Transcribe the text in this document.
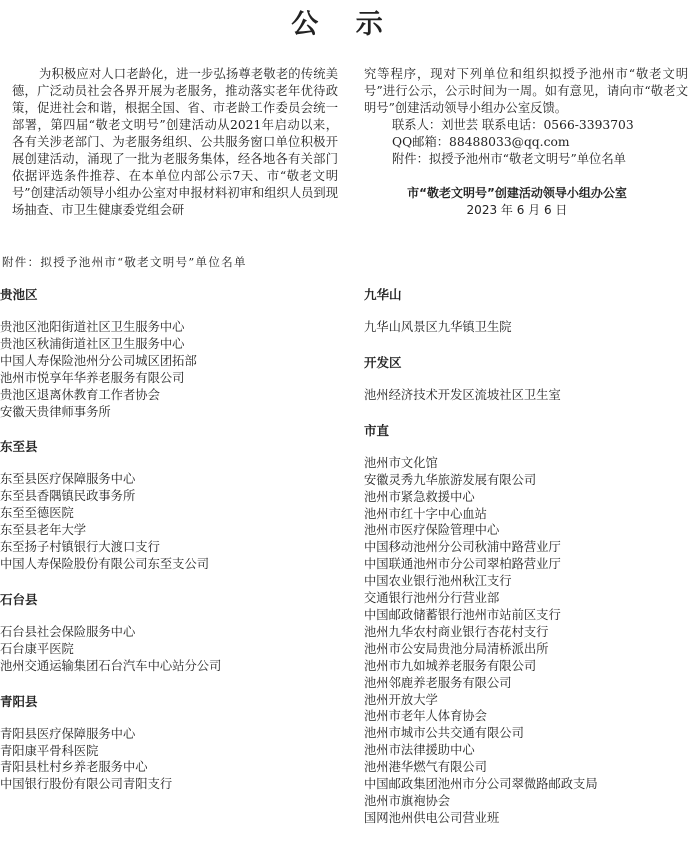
公 示

为积极应对人口老龄化，进一步弘扬尊老敬老的传统美德，广泛动员社会各界开展为老服务，推动落实老年优待政策，促进社会和谐，根据全国、省、市老龄工作委员会统一部署，第四届“敬老文明号”创建活动从2021年启动以来，各有关涉老部门、为老服务组织、公共服务窗口单位积极开展创建活动，涌现了一批为老服务集体，经各地各有关部门依据评选条件推荐、在本单位内部公示7天、市“敬老文明号”创建活动领导小组办公室对申报材料初审和组织人员到现场抽查、市卫生健康委党组会研

究等程序，现对下列单位和组织拟授予池州市“敬老文明号”进行公示，公示时间为一周。如有意见，请向市“敬老文明号”创建活动领导小组办公室反馈。

联系人：刘世芸 联系电话：0566-3393703

QQ邮箱：88488033@qq.com

附件：拟授予池州市“敬老文明号”单位名单

市“敬老文明号”创建活动领导小组办公室

2023 年 6 月 6 日

附件：拟授予池州市“敬老文明号”单位名单

贵池区
贵池区池阳街道社区卫生服务中心
贵池区秋浦街道社区卫生服务中心
中国人寿保险池州分公司城区团拓部
池州市悦享年华养老服务有限公司
贵池区退离休教育工作者协会
安徽天贵律师事务所
东至县
东至县医疗保障服务中心
东至县香隅镇民政事务所
东至至德医院
东至县老年大学
东至扬子村镇银行大渡口支行
中国人寿保险股份有限公司东至支公司
石台县
石台县社会保险服务中心
石台康平医院
池州交通运输集团石台汽车中心站分公司
青阳县
青阳县医疗保障服务中心
青阳康平骨科医院
青阳县杜村乡养老服务中心
中国银行股份有限公司青阳支行
九华山
九华山风景区九华镇卫生院
开发区
池州经济技术开发区流坡社区卫生室
市直
池州市文化馆
安徽灵秀九华旅游发展有限公司
池州市紧急救援中心
池州市红十字中心血站
池州市医疗保险管理中心
中国移动池州分公司秋浦中路营业厅
中国联通池州市分公司翠柏路营业厅
中国农业银行池州秋江支行
交通银行池州分行营业部
中国邮政储蓄银行池州市站前区支行
池州九华农村商业银行杏花村支行
池州市公安局贵池分局清桥派出所
池州市九如城养老服务有限公司
池州邻鹿养老服务有限公司
池州开放大学
池州市老年人体育协会
池州市城市公共交通有限公司
池州市法律援助中心
池州港华燃气有限公司
中国邮政集团池州市分公司翠微路邮政支局
池州市旗袍协会
国网池州供电公司营业班
